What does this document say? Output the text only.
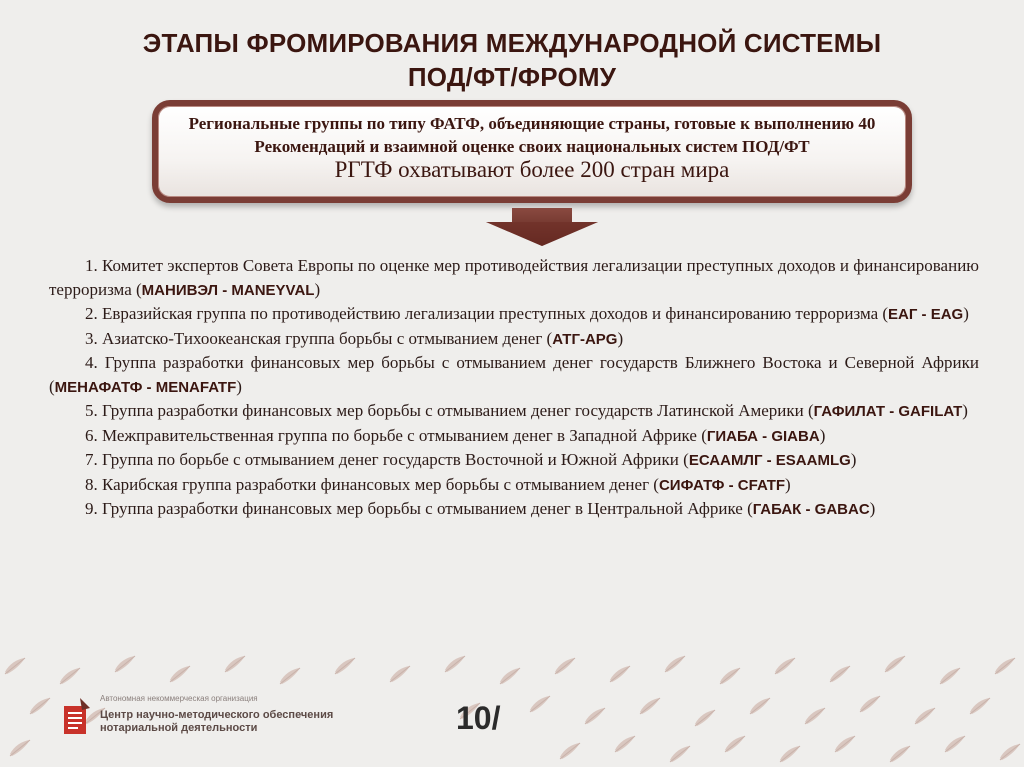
ЭТАПЫ ФРОМИРОВАНИЯ МЕЖДУНАРОДНОЙ СИСТЕМЫ
ПОД/ФТ/ФРОМУ
Региональные группы по типу ФАТФ, объединяющие страны, готовые к выполнению 40 Рекомендаций и взаимной оценке своих национальных систем ПОД/ФТ
РГТФ охватывают более 200 стран мира

1. Комитет экспертов Совета Европы по оценке мер противодействия легализации преступных доходов и финансированию терроризма (МАНИВЭЛ - MANEYVAL)

2. Евразийская группа по противодействию легализации преступных доходов и финансированию терроризма (ЕАГ - EAG)

3. Азиатско-Тихоокеанская группа борьбы с отмыванием денег (АТГ-APG)

4. Группа разработки финансовых мер борьбы с отмыванием денег государств Ближнего Востока и Северной Африки (МЕНАФАТФ - MENAFATF)

5. Группа разработки финансовых мер борьбы с отмыванием денег государств Латинской Америки (ГАФИЛАТ - GAFILAT)

6. Межправительственная группа по борьбе с отмыванием денег в Западной Африке (ГИАБА - GIABA)

7. Группа по борьбе с отмыванием денег государств Восточной и Южной Африки (ЕСААМЛГ - ESAAMLG)

8. Карибская группа разработки финансовых мер борьбы с отмыванием денег (СИФАТФ - CFATF)

9. Группа разработки финансовых мер борьбы с отмыванием денег в Центральной Африке (ГАБАК - GABAC)

Автономная некоммерческая организация
Центр научно-методического обеспечения
нотариальной деятельности	10/
